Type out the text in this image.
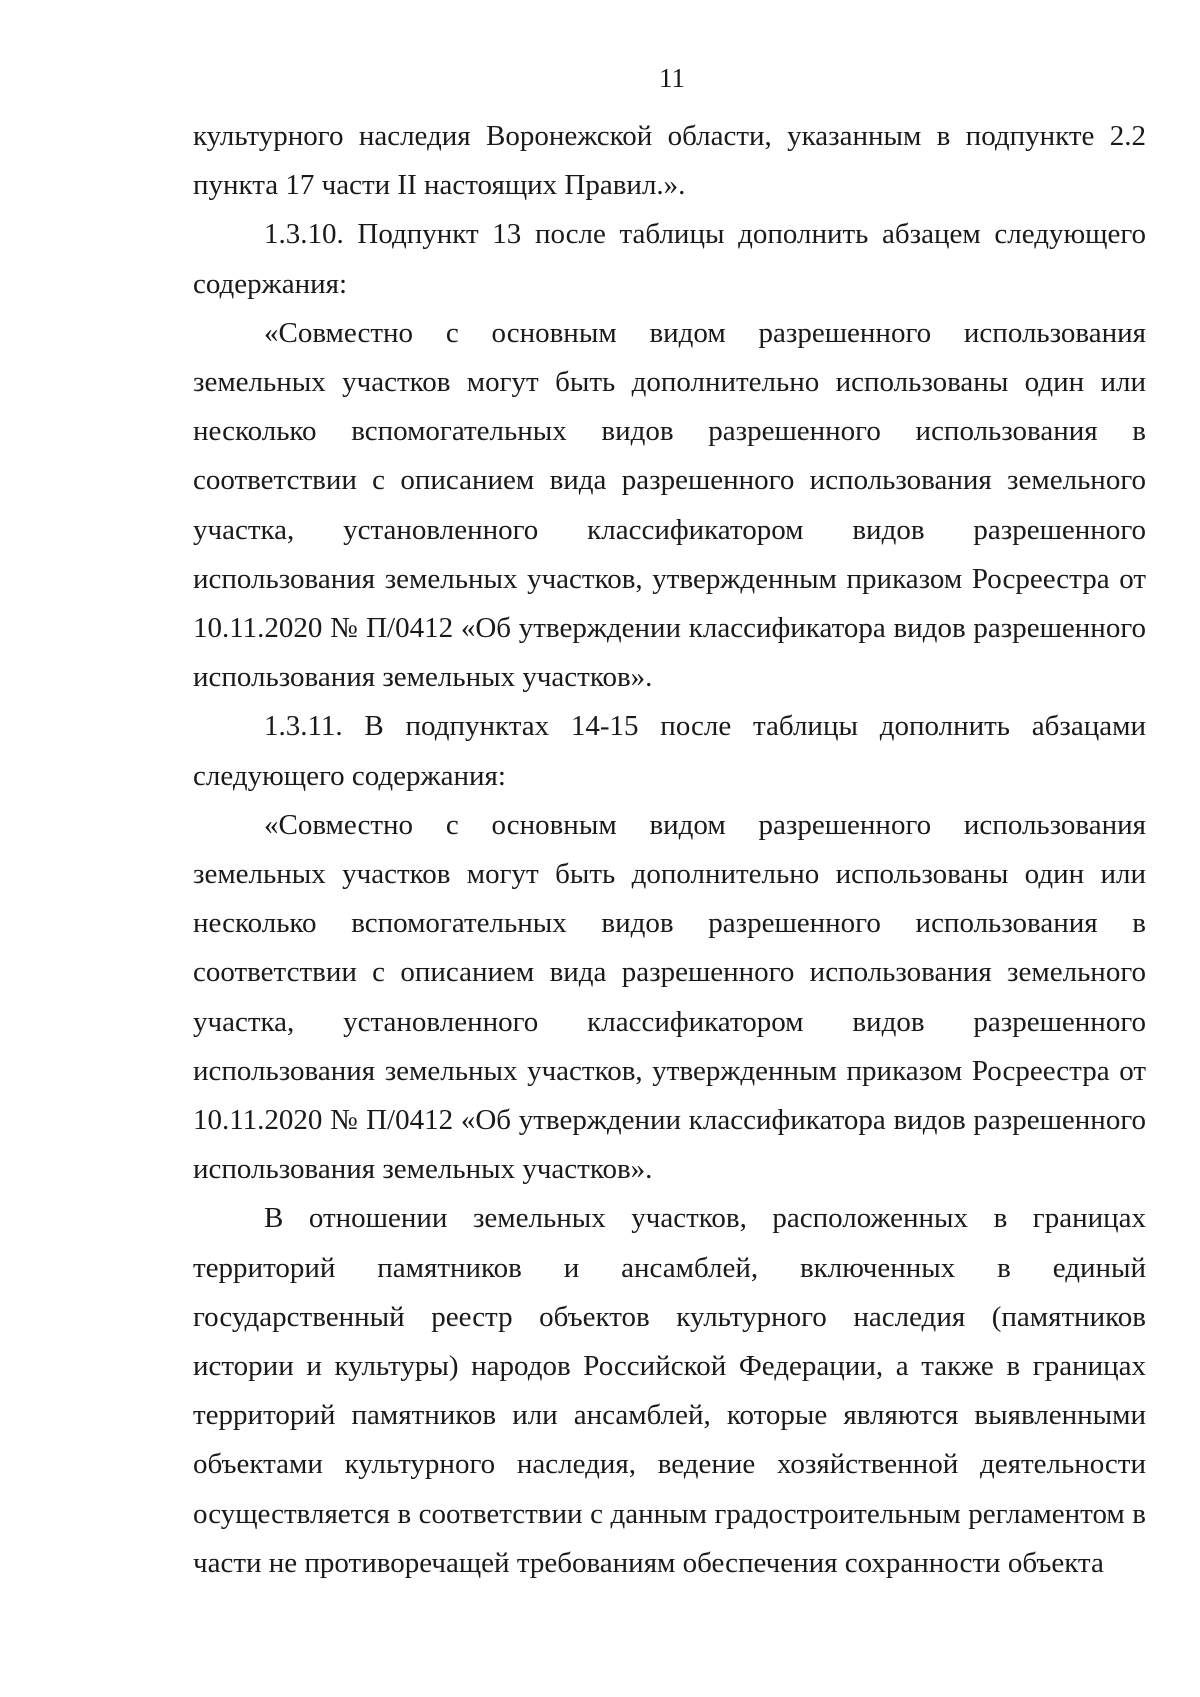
11

культурного наследия Воронежской области, указанным в подпункте 2.2 пункта 17 части II настоящих Правил.».

1.3.10. Подпункт 13 после таблицы дополнить абзацем следующего содержания:

«Совместно с основным видом разрешенного использования земельных участков могут быть дополнительно использованы один или несколько вспомогательных видов разрешенного использования в соответствии с описанием вида разрешенного использования земельного участка, установленного классификатором видов разрешенного использования земельных участков, утвержденным приказом Росреестра от 10.11.2020 № П/0412 «Об утверждении классификатора видов разрешенного использования земельных участков».

1.3.11. В подпунктах 14-15 после таблицы дополнить абзацами следующего содержания:

«Совместно с основным видом разрешенного использования земельных участков могут быть дополнительно использованы один или несколько вспомогательных видов разрешенного использования в соответствии с описанием вида разрешенного использования земельного участка, установленного классификатором видов разрешенного использования земельных участков, утвержденным приказом Росреестра от 10.11.2020 № П/0412 «Об утверждении классификатора видов разрешенного использования земельных участков».

В отношении земельных участков, расположенных в границах территорий памятников и ансамблей, включенных в единый государственный реестр объектов культурного наследия (памятников истории и культуры) народов Российской Федерации, а также в границах территорий памятников или ансамблей, которые являются выявленными объектами культурного наследия, ведение хозяйственной деятельности осуществляется в соответствии с данным градостроительным регламентом в части не противоречащей требованиям обеспечения сохранности объекта
